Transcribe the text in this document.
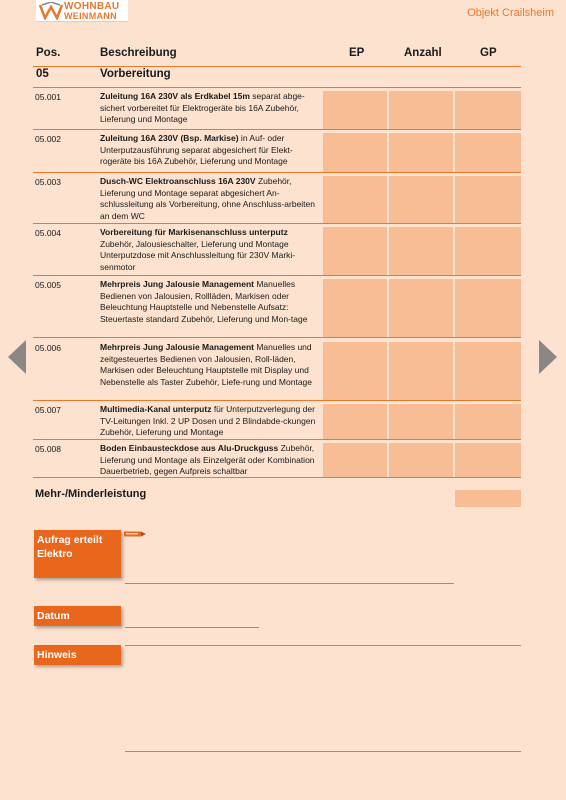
WOHNBAU
WEINMANN	Objekt Crailsheim
Pos.	Beschreibung	EP	Anzahl	GP
05	Vorbereitung
05.001	Zuleitung 16A 230V als Erdkabel 15m separat abge-sichert vorbereitet für Elektrogeräte bis 16A Zubehör, Lieferung und Montage
05.002	Zuleitung 16A 230V (Bsp. Markise) in Auf- oder Unterputzausführung separat abgesichert für Elekt-rogeräte bis 16A Zubehör, Lieferung und Montage
05.003	Dusch-WC Elektroanschluss 16A 230V Zubehör, Lieferung und Montage separat abgesichert An-schlussleitung als Vorbereitung, ohne Anschluss-arbeiten an dem WC
05.004	Vorbereitung für Markisenanschluss unterputz Zubehör, Jalousieschalter, Lieferung und Montage Unterputzdose mit Anschlussleitung für 230V Marki-senmotor
05.005	Mehrpreis Jung Jalousie Management Manuelles Bedienen von Jalousien, Rollläden, Markisen oder Beleuchtung Hauptstelle und Nebenstelle Aufsatz: Steuertaste standard Zubehör, Lieferung und Mon-tage
05.006	Mehrpreis Jung Jalousie Management Manuelles und zeitgesteuertes Bedienen von Jalousien, Roll-läden, Markisen oder Beleuchtung Hauptstelle mit Display und Nebenstelle als Taster Zubehör, Liefe-rung und Montage
05.007	Multimedia-Kanal unterputz für Unterputzverlegung der TV-Leitungen Inkl. 2 UP Dosen und 2 Blindabde-ckungen Zubehör, Lieferung und Montage
05.008	Boden Einbausteckdose aus Alu-Druckguss Zubehör, Lieferung und Montage als Einzelgerät oder Kombination Dauerbetrieb, gegen Aufpreis schaltbar
Mehr-/Minderleistung
Aufrag erteilt Elektro
Datum
Hinweis
